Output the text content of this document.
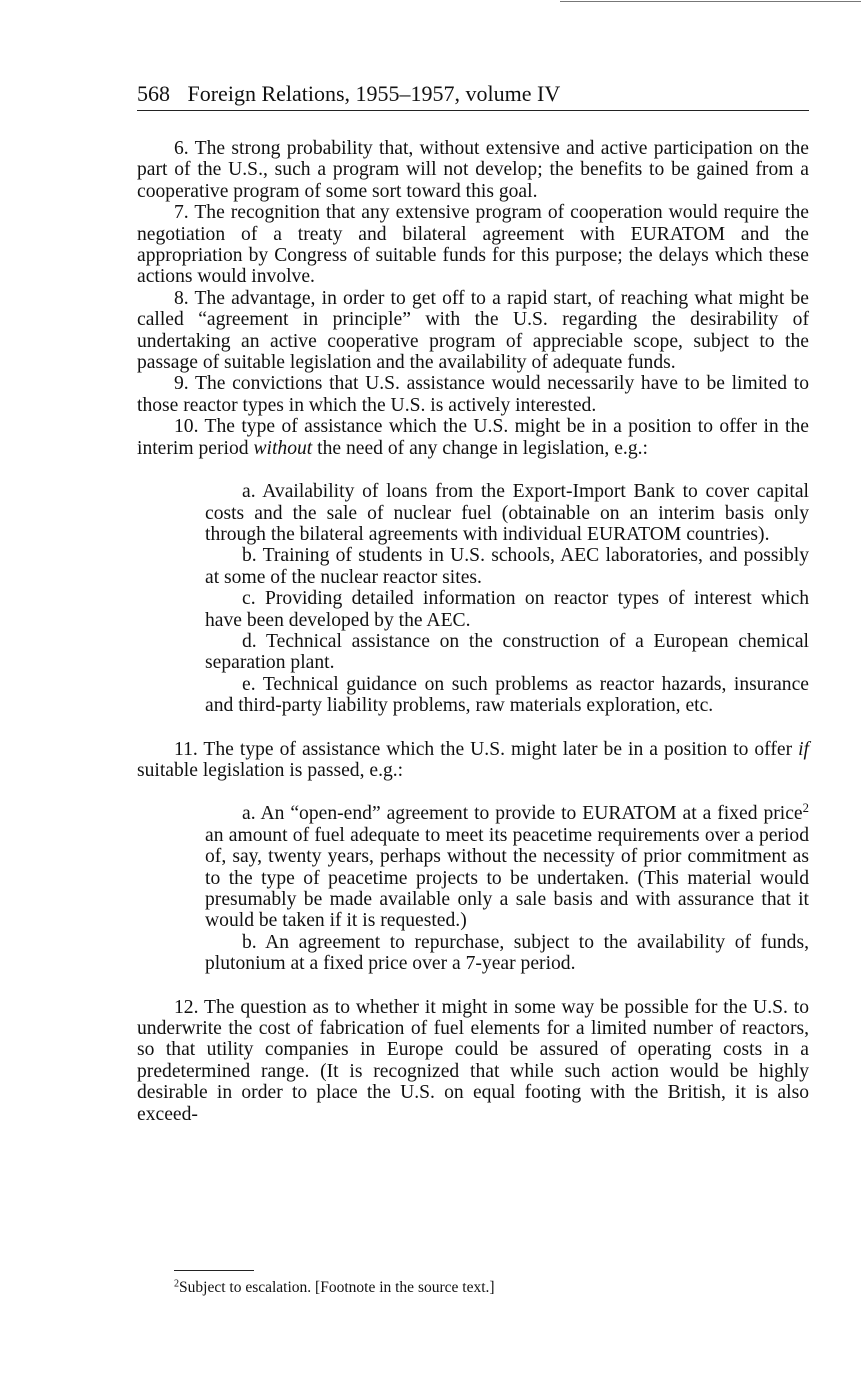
568 Foreign Relations, 1955–1957, volume IV

6. The strong probability that, without extensive and active participation on the part of the U.S., such a program will not develop; the benefits to be gained from a cooperative program of some sort toward this goal.

7. The recognition that any extensive program of cooperation would require the negotiation of a treaty and bilateral agreement with EURATOM and the appropriation by Congress of suitable funds for this purpose; the delays which these actions would involve.

8. The advantage, in order to get off to a rapid start, of reaching what might be called “agreement in principle” with the U.S. regarding the desirability of undertaking an active cooperative program of appreciable scope, subject to the passage of suitable legislation and the availability of adequate funds.

9. The convictions that U.S. assistance would necessarily have to be limited to those reactor types in which the U.S. is actively interested.

10. The type of assistance which the U.S. might be in a position to offer in the interim period without the need of any change in legislation, e.g.:

a. Availability of loans from the Export-Import Bank to cover capital costs and the sale of nuclear fuel (obtainable on an interim basis only through the bilateral agreements with individual EURATOM countries).

b. Training of students in U.S. schools, AEC laboratories, and possibly at some of the nuclear reactor sites.

c. Providing detailed information on reactor types of interest which have been developed by the AEC.

d. Technical assistance on the construction of a European chemical separation plant.

e. Technical guidance on such problems as reactor hazards, insurance and third-party liability problems, raw materials exploration, etc.

11. The type of assistance which the U.S. might later be in a position to offer if suitable legislation is passed, e.g.:

a. An “open-end” agreement to provide to EURATOM at a fixed price$^2$ an amount of fuel adequate to meet its peacetime requirements over a period of, say, twenty years, perhaps without the necessity of prior commitment as to the type of peacetime projects to be undertaken. (This material would presumably be made available only a sale basis and with assurance that it would be taken if it is requested.)

b. An agreement to repurchase, subject to the availability of funds, plutonium at a fixed price over a 7-year period.

12. The question as to whether it might in some way be possible for the U.S. to underwrite the cost of fabrication of fuel elements for a limited number of reactors, so that utility companies in Europe could be assured of operating costs in a predetermined range. (It is recognized that while such action would be highly desirable in order to place the U.S. on equal footing with the British, it is also exceed-

$^2$Subject to escalation. [Footnote in the source text.]
